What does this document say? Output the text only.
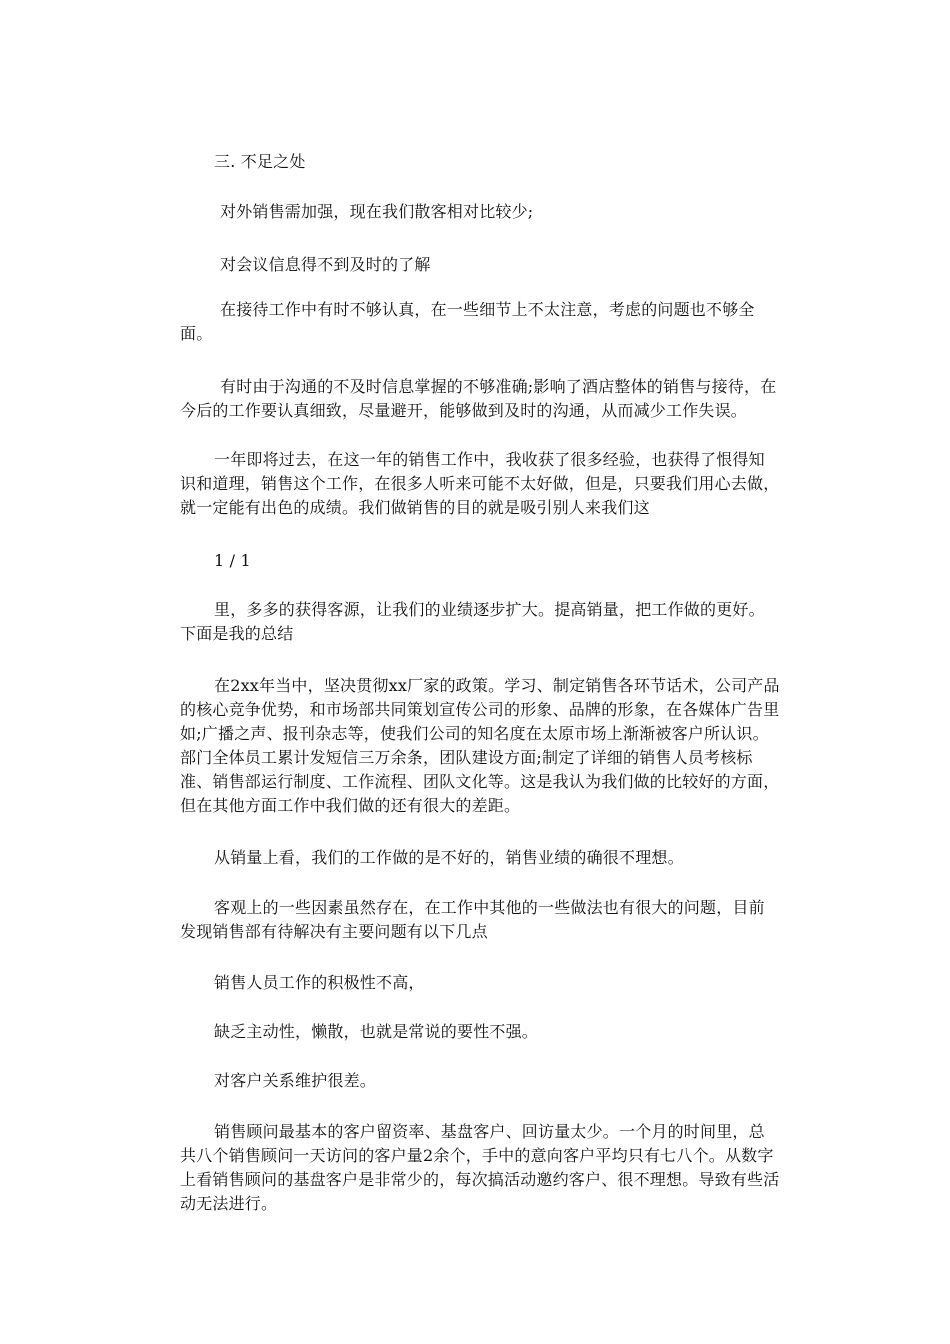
三. 不足之处

对外销售需加强，现在我们散客相对比较少;

对会议信息得不到及时的了解

在接待工作中有时不够认真，在一些细节上不太注意，考虑的问题也不够全面。

有时由于沟通的不及时信息掌握的不够准确;影响了酒店整体的销售与接待，在今后的工作要认真细致，尽量避开，能够做到及时的沟通，从而减少工作失误。

一年即将过去，在这一年的销售工作中，我收获了很多经验，也获得了恨得知识和道理，销售这个工作，在很多人听来可能不太好做，但是，只要我们用心去做，就一定能有出色的成绩。我们做销售的目的就是吸引别人来我们这

1 / 1

里，多多的获得客源，让我们的业绩逐步扩大。提高销量，把工作做的更好。下面是我的总结

在2xx年当中，坚决贯彻xx厂家的政策。学习、制定销售各环节话术，公司产品的核心竞争优势，和市场部共同策划宣传公司的形象、品牌的形象，在各媒体广告里如;广播之声、报刊杂志等，使我们公司的知名度在太原市场上渐渐被客户所认识。部门全体员工累计发短信三万余条，团队建设方面;制定了详细的销售人员考核标准、销售部运行制度、工作流程、团队文化等。这是我认为我们做的比较好的方面，但在其他方面工作中我们做的还有很大的差距。

从销量上看，我们的工作做的是不好的，销售业绩的确很不理想。

客观上的一些因素虽然存在，在工作中其他的一些做法也有很大的问题，目前发现销售部有待解决有主要问题有以下几点

销售人员工作的积极性不高，

缺乏主动性，懒散，也就是常说的要性不强。

对客户关系维护很差。

销售顾问最基本的客户留资率、基盘客户、回访量太少。一个月的时间里，总共八个销售顾问一天访问的客户量2余个，手中的意向客户平均只有七八个。从数字上看销售顾问的基盘客户是非常少的，每次搞活动邀约客户、很不理想。导致有些活动无法进行。
